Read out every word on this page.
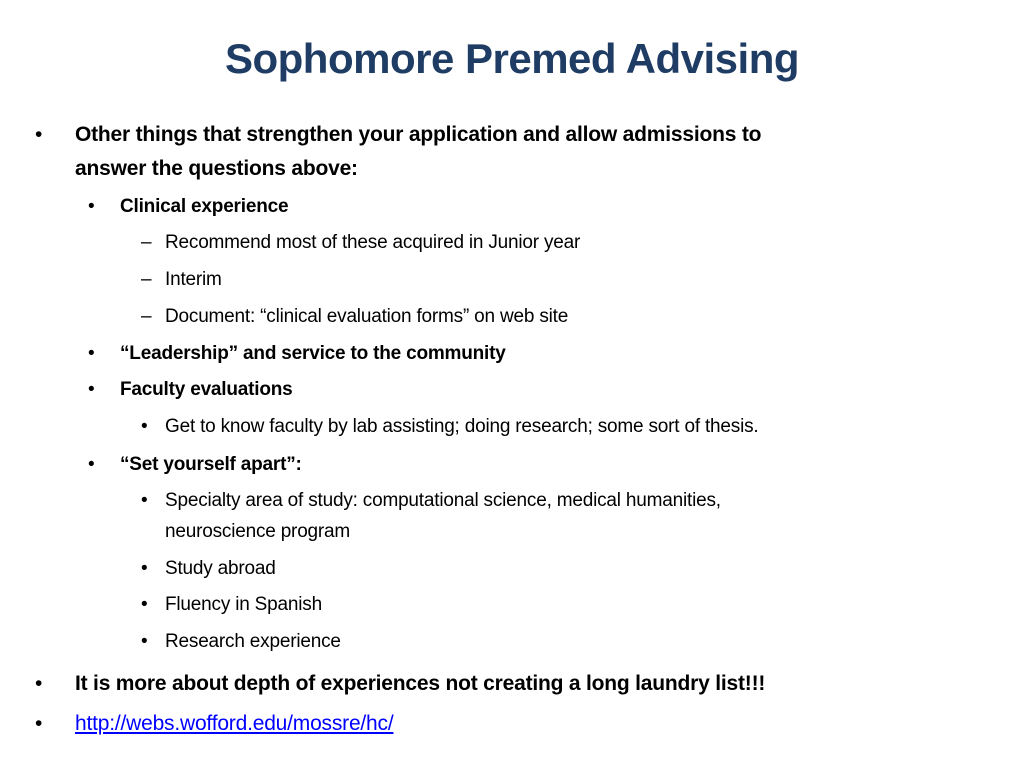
Sophomore Premed Advising
• Other things that strengthen your application and allow admissions to
answer the questions above:
• Clinical experience
– Recommend most of these acquired in Junior year
– Interim
– Document: “clinical evaluation forms” on web site
• “Leadership” and service to the community
• Faculty evaluations
• Get to know faculty by lab assisting; doing research; some sort of thesis.
• “Set yourself apart”:
• Specialty area of study: computational science, medical humanities,
neuroscience program
• Study abroad
• Fluency in Spanish
• Research experience
• It is more about depth of experiences not creating a long laundry list!!!
• http://webs.wofford.edu/mossre/hc/
